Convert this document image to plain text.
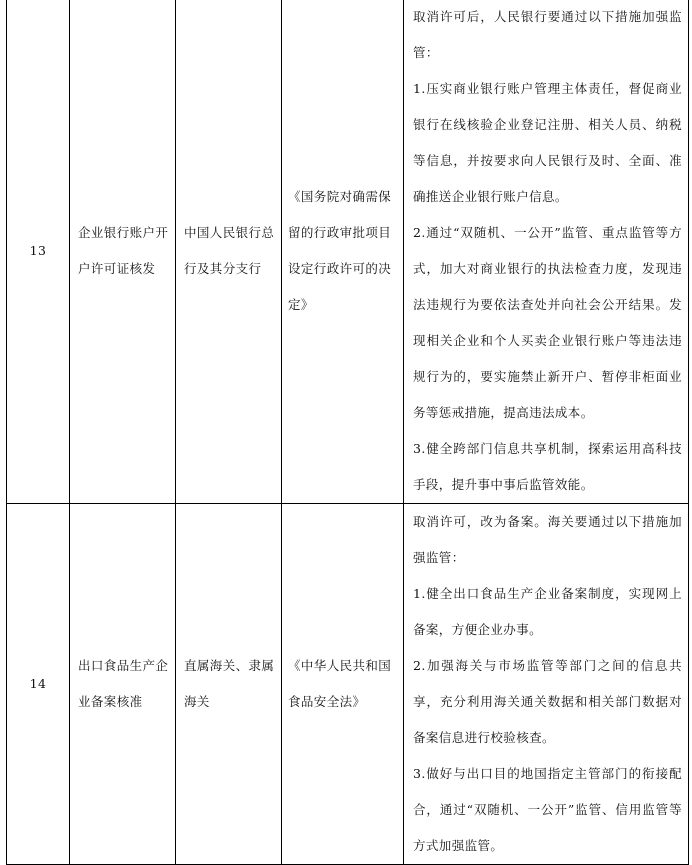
13	企业银行账户开户许可证核发	中国人民银行总行及其分支行	《国务院对确需保留的行政审批项目设定行政许可的决定》	取消许可后，人民银行要通过以下措施加强监管：

1.压实商业银行账户管理主体责任，督促商业银行在线核验企业登记注册、相关人员、纳税等信息，并按要求向人民银行及时、全面、准确推送企业银行账户信息。

2.通过“双随机、一公开”监管、重点监管等方式，加大对商业银行的执法检查力度，发现违法违规行为要依法查处并向社会公开结果。发现相关企业和个人买卖企业银行账户等违法违规行为的，要实施禁止新开户、暂停非柜面业务等惩戒措施，提高违法成本。

3.健全跨部门信息共享机制，探索运用高科技手段，提升事中事后监管效能。

14	出口食品生产企业备案核准	直属海关、隶属海关	《中华人民共和国食品安全法》	取消许可，改为备案。海关要通过以下措施加强监管：

1.健全出口食品生产企业备案制度，实现网上备案，方便企业办事。

2.加强海关与市场监管等部门之间的信息共享，充分利用海关通关数据和相关部门数据对备案信息进行校验核查。

3.做好与出口目的地国指定主管部门的衔接配合，通过“双随机、一公开”监管、信用监管等方式加强监管。
